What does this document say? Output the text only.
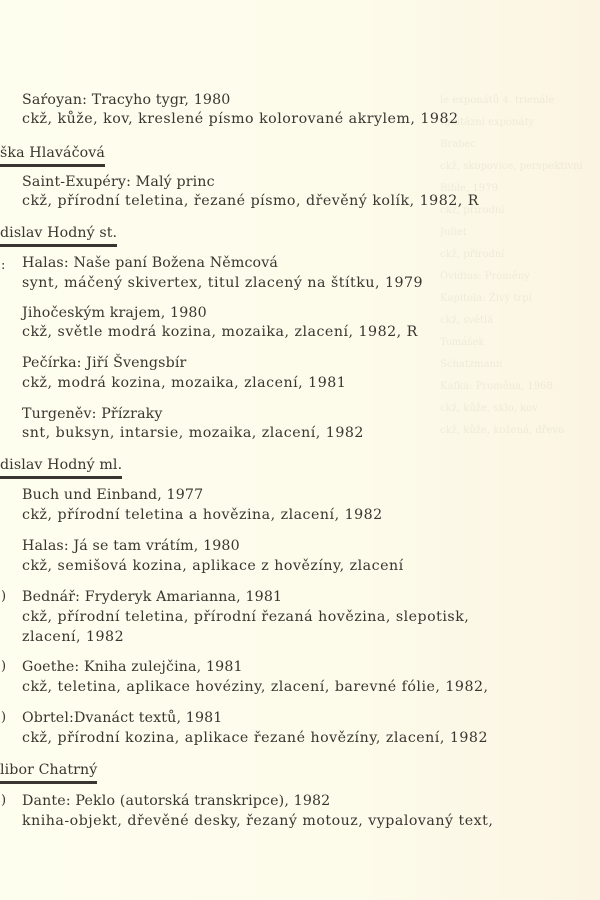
le exponátů 4. trienále
Ignitázní exponáty
Brabec
ckž, skopovice, perspektivní
Bible, 1979
ckž, přírodní
Juliet
ckž, přírodní
Ovidius: Proměny
Kapitola: Živý trpí
ckž, světlá
Tomášek
Schatzmann
Kafka: Proměna, 1968
ckž, kůže, sklo, kov
ckž, kůže, kožená, dřevo
Saŕoyan: Tracyho tygr, 1980
ckž, kůže, kov, kreslené písmo kolorované akrylem, 1982
ška Hlaváčová
Saint-Exupéry: Malý princ
ckž, přírodní teletina, řezané písmo, dřevěný kolík, 1982, R
dislav Hodný st.
: Halas: Naše paní Božena Němcová
synt, máčený skivertex, titul zlacený na štítku, 1979
Jihočeským krajem, 1980
ckž, světle modrá kozina, mozaika, zlacení, 1982, R
Pečírka: Jiří Švengsbír
ckž, modrá kozina, mozaika, zlacení, 1981
Turgeněv: Přízraky
snt, buksyn, intarsie, mozaika, zlacení, 1982
dislav Hodný ml.
Buch und Einband, 1977
ckž, přírodní teletina a hovězina, zlacení, 1982
Halas: Já se tam vrátím, 1980
ckž, semišová kozina, aplikace z hovězíny, zlacení
) Bednář: Fryderyk Amarianna, 1981
ckž, přírodní teletina, přírodní řezaná hovězina, slepotisk,
zlacení, 1982
) Goethe: Kniha zulejčina, 1981
ckž, teletina, aplikace hovéziny, zlacení, barevné fólie, 1982,
) Obrtel:Dvanáct textů, 1981
ckž, přírodní kozina, aplikace řezané hovězíny, zlacení, 1982
libor Chatrný
) Dante: Peklo (autorská transkripce), 1982
kniha-objekt, dřevěné desky, řezaný motouz, vypalovaný text,
